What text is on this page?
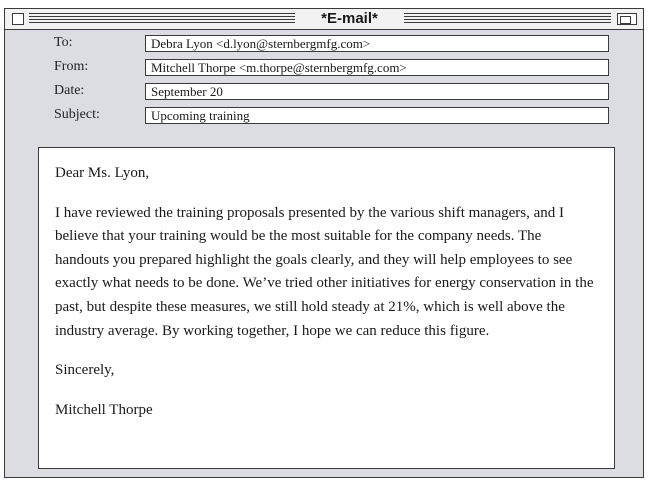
*E-mail*
To:	Debra Lyon <d.lyon@sternbergmfg.com>
From:	Mitchell Thorpe <m.thorpe@sternbergmfg.com>
Date:	September 20
Subject:	Upcoming training

Dear Ms. Lyon,

I have reviewed the training proposals presented by the various shift managers, and I believe that your training would be the most suitable for the company needs. The handouts you prepared highlight the goals clearly, and they will help employees to see exactly what needs to be done. We’ve tried other initiatives for energy conservation in the past, but despite these measures, we still hold steady at 21%, which is well above the industry average. By working together, I hope we can reduce this figure.

Sincerely,

Mitchell Thorpe
